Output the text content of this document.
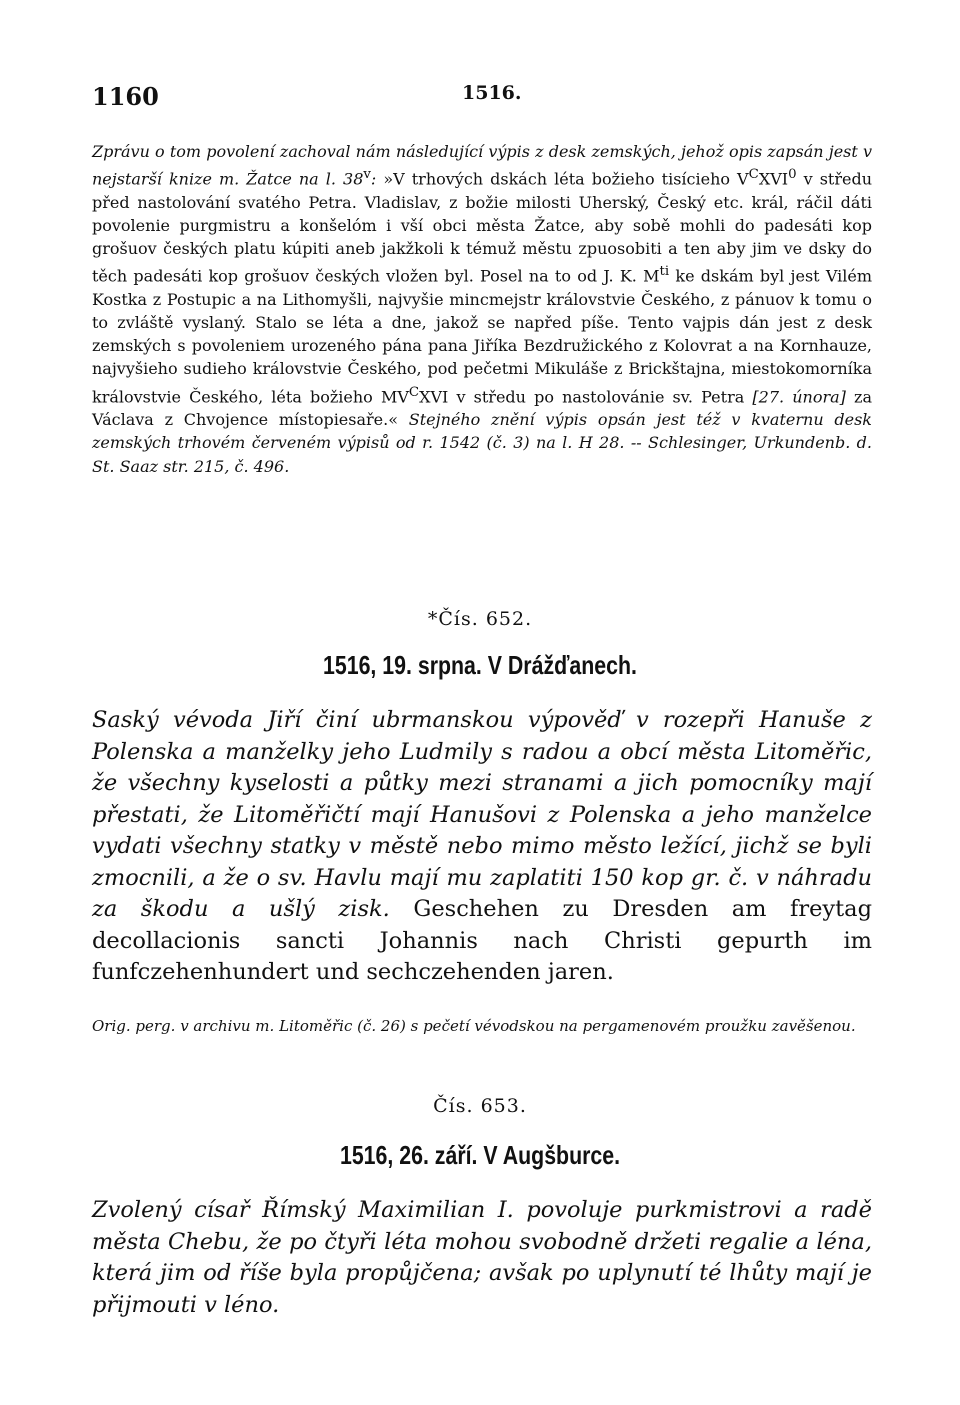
1160	1516.
Zprávu o tom povolení zachoval nám následující výpis z desk zemských, jehož opis zapsán jest v nejstarší knize m. Žatce na l. 38$^v$: »V trhových dskách léta božieho tisícieho $V^CXVI^0$ v středu před nastolování svatého Petra. Vladislav, z božie milosti Uherský, Český etc. král, ráčil dáti povolenie purgmistru a konšelóm i vší obci města Žatce, aby sobě mohli do padesáti kop grošuov českých platu kúpiti aneb jakžkoli k témuž městu zpuosobiti a ten aby jim ve dsky do těch padesáti kop grošuov českých vložen byl. Posel na to od J. K. $M^{ti}$ ke dskám byl jest Vilém Kostka z Postupic a na Lithomyšli, najvyšie mincmejstr královstvie Českého, z pánuov k tomu o to zvláště vyslaný. Stalo se léta a dne, jakož se napřed píše. Tento vajpis dán jest z desk zemských s povoleniem urozeného pána pana Jiříka Bezdružického z Kolovrat a na Kornhauze, najvyšieho sudieho královstvie Českého, pod pečetmi Mikuláše z Brickštajna, miestokomorníka královstvie Českého, léta božieho $MV^CXVI$ v středu po nastolovánie sv. Petra [27. února] za Václava z Chvojence místopiesaře.« Stejného znění výpis opsán jest též v kvaternu desk zemských trhovém červeném výpisů od r. 1542 (č. 3) na l. H 28. -- Schlesinger, Urkundenb. d. St. Saaz str. 215, č. 496.
*Čís. 652.
1516, 19. srpna. V Drážďanech.
Saský vévoda Jiří činí ubrmanskou výpověď v rozepři Hanuše z Polenska a manželky jeho Ludmily s radou a obcí města Litoměřic, že všechny kyselosti a půtky mezi stranami a jich pomocníky mají přestati, že Litoměřičtí mají Hanušovi z Polenska a jeho manželce vydati všechny statky v městě nebo mimo město ležící, jichž se byli zmocnili, a že o sv. Havlu mají mu zaplatiti 150 kop gr. č. v náhradu za škodu a ušlý zisk. Geschehen zu Dresden am freytag decollacionis sancti Johannis nach Christi gepurth im funfczehenhundert und sechczehenden jaren.
Orig. perg. v archivu m. Litoměřic (č. 26) s pečetí vévodskou na pergamenovém proužku zavěšenou.
Čís. 653.
1516, 26. září. V Augšburce.
Zvolený císař Římský Maximilian I. povoluje purkmistrovi a radě města Chebu, že po čtyři léta mohou svobodně držeti regalie a léna, která jim od říše byla propůjčena; avšak po uplynutí té lhůty mají je přijmouti v léno.
